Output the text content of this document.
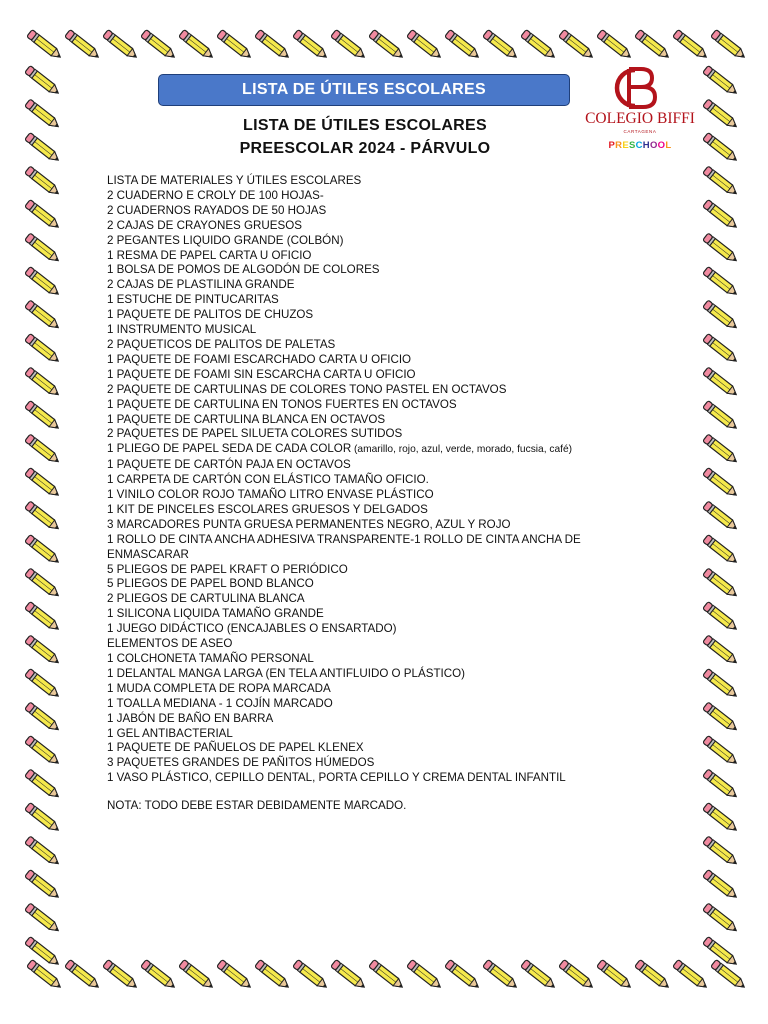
LISTA DE ÚTILES ESCOLARES
LISTA DE ÚTILES ESCOLARES
PREESCOLAR 2024 - PÁRVULO
COLEGIO BIFFI
CARTAGENA
PRESCHOOL
LISTA DE MATERIALES Y ÚTILES ESCOLARES
2 CUADERNO E CROLY DE 100 HOJAS-
2 CUADERNOS RAYADOS DE 50 HOJAS
2 CAJAS DE CRAYONES GRUESOS
2 PEGANTES LIQUIDO GRANDE (COLBÓN)
1 RESMA DE PAPEL CARTA U OFICIO
1 BOLSA DE POMOS DE ALGODÓN DE COLORES
2 CAJAS DE PLASTILINA GRANDE
1 ESTUCHE DE PINTUCARITAS
1 PAQUETE DE PALITOS DE CHUZOS
1 INSTRUMENTO MUSICAL
2 PAQUETICOS DE PALITOS DE PALETAS
1 PAQUETE DE FOAMI ESCARCHADO CARTA U OFICIO
1 PAQUETE DE FOAMI SIN ESCARCHA CARTA U OFICIO
2 PAQUETE DE CARTULINAS DE COLORES TONO PASTEL EN OCTAVOS
1 PAQUETE DE CARTULINA EN TONOS FUERTES EN OCTAVOS
1 PAQUETE DE CARTULINA BLANCA EN OCTAVOS
2 PAQUETES DE PAPEL SILUETA COLORES SUTIDOS
1 PLIEGO DE PAPEL SEDA DE CADA COLOR (amarillo, rojo, azul, verde, morado, fucsia, café)
1 PAQUETE DE CARTÓN PAJA EN OCTAVOS
1 CARPETA DE CARTÓN CON ELÁSTICO TAMAÑO OFICIO.
1 VINILO COLOR ROJO TAMAÑO LITRO ENVASE PLÁSTICO
1 KIT DE PINCELES ESCOLARES GRUESOS Y DELGADOS
3 MARCADORES PUNTA GRUESA PERMANENTES NEGRO, AZUL Y ROJO
1 ROLLO DE CINTA ANCHA ADHESIVA TRANSPARENTE-1 ROLLO DE CINTA ANCHA DE ENMASCARAR
5 PLIEGOS DE PAPEL KRAFT O PERIÓDICO
5 PLIEGOS DE PAPEL BOND BLANCO
2 PLIEGOS DE CARTULINA BLANCA
1 SILICONA LIQUIDA TAMAÑO GRANDE
1 JUEGO DIDÁCTICO (ENCAJABLES O ENSARTADO)
ELEMENTOS DE ASEO
1 COLCHONETA TAMAÑO PERSONAL
1 DELANTAL MANGA LARGA (EN TELA ANTIFLUIDO O PLÁSTICO)
1 MUDA COMPLETA DE ROPA MARCADA
1 TOALLA MEDIANA - 1 COJÍN MARCADO
1 JABÓN DE BAÑO EN BARRA
1 GEL ANTIBACTERIAL
1 PAQUETE DE PAÑUELOS DE PAPEL KLENEX
3 PAQUETES GRANDES DE PAÑITOS HÚMEDOS
1 VASO PLÁSTICO, CEPILLO DENTAL, PORTA CEPILLO Y CREMA DENTAL INFANTIL
NOTA: TODO DEBE ESTAR DEBIDAMENTE MARCADO.
